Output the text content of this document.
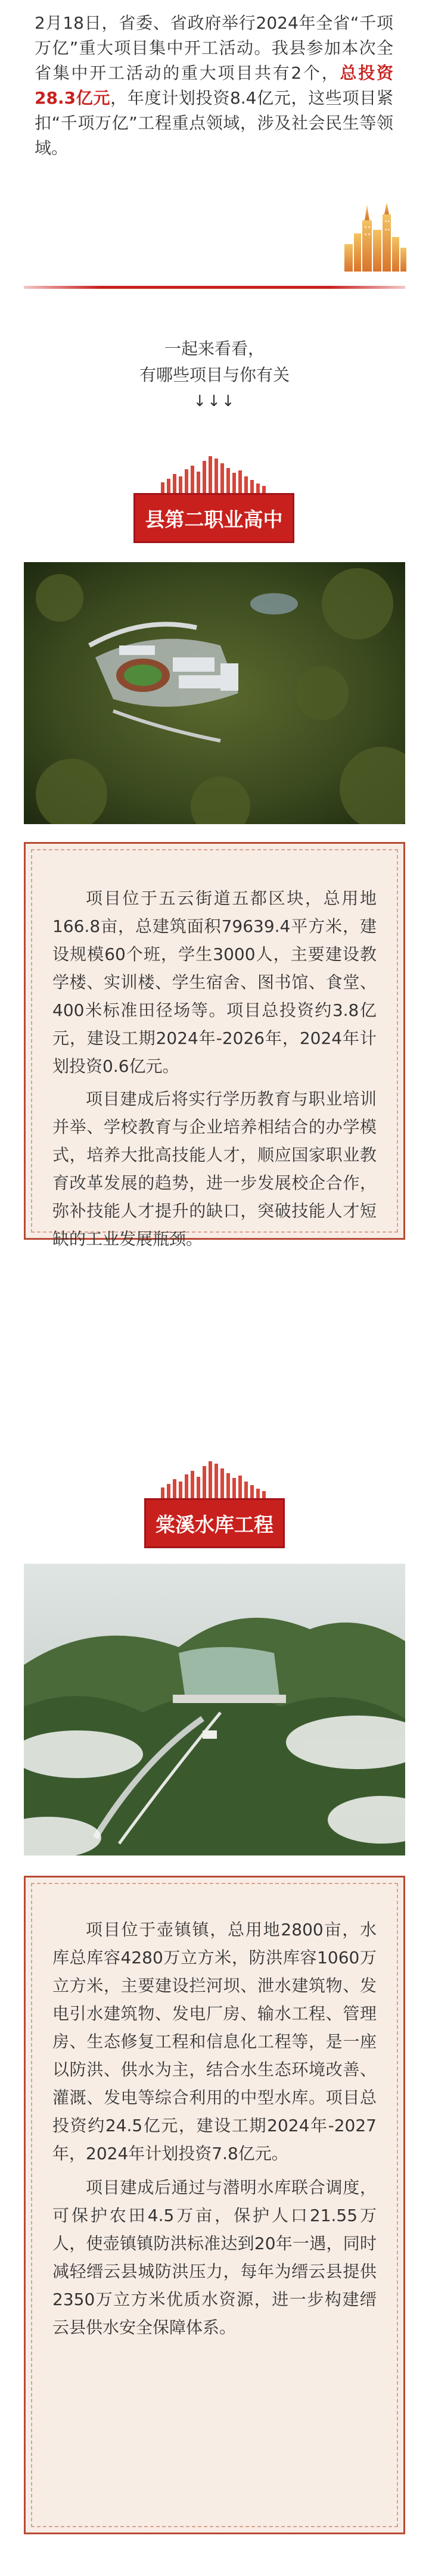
2月18日，省委、省政府举行2024年全省“千项万亿”重大项目集中开工活动。我县参加本次全省集中开工活动的重大项目共有2个，总投资28.3亿元，年度计划投资8.4亿元，这些项目紧扣“千项万亿”工程重点领域，涉及社会民生等领域。

一起来看看，
有哪些项目与你有关
↓↓↓
县第二职业高中

项目位于五云街道五都区块，总用地166.8亩，总建筑面积79639.4平方米，建设规模60个班，学生3000人，主要建设教学楼、实训楼、学生宿舍、图书馆、食堂、400米标准田径场等。项目总投资约3.8亿元，建设工期2024年-2026年，2024年计划投资0.6亿元。

项目建成后将实行学历教育与职业培训并举、学校教育与企业培养相结合的办学模式，培养大批高技能人才，顺应国家职业教育改革发展的趋势，进一步发展校企合作，弥补技能人才提升的缺口，突破技能人才短缺的工业发展瓶颈。

棠溪水库工程

项目位于壶镇镇，总用地2800亩，水库总库容4280万立方米，防洪库容1060万立方米，主要建设拦河坝、泄水建筑物、发电引水建筑物、发电厂房、输水工程、管理房、生态修复工程和信息化工程等，是一座以防洪、供水为主，结合水生态环境改善、灌溉、发电等综合利用的中型水库。项目总投资约24.5亿元，建设工期2024年-2027年，2024年计划投资7.8亿元。

项目建成后通过与潜明水库联合调度，可保护农田4.5万亩，保护人口21.55万人，使壶镇镇防洪标准达到20年一遇，同时减轻缙云县城防洪压力，每年为缙云县提供2350万立方米优质水资源，进一步构建缙云县供水安全保障体系。
